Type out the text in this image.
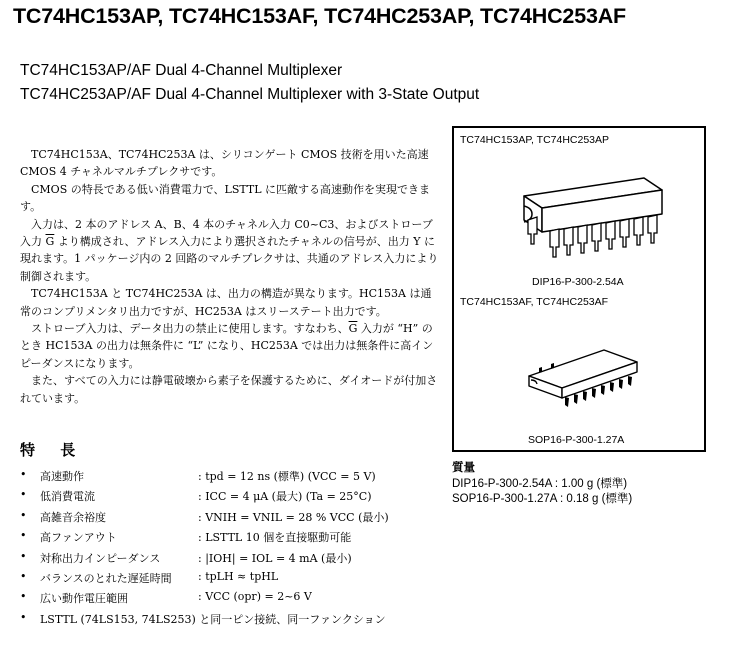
TC74HC153AP, TC74HC153AF, TC74HC253AP, TC74HC253AF
TC74HC153AP/AF Dual 4-Channel Multiplexer
TC74HC253AP/AF Dual 4-Channel Multiplexer with 3-State Output

TC74HC153A、TC74HC253A は、シリコンゲート CMOS 技術を用いた高速 CMOS 4 チャネルマルチプレクサです。

CMOS の特長である低い消費電力で、LSTTL に匹敵する高速動作を実現できます。

入力は、2 本のアドレス A、B、4 本のチャネル入力 C0~C3、およびストローブ入力 $\overline{G}$ より構成され、アドレス入力により選択されたチャネルの信号が、出力 Y に現れます。1 パッケージ内の 2 回路のマルチプレクサは、共通のアドレス入力により制御されます。

TC74HC153A と TC74HC253A は、出力の構造が異なります。HC153A は通常のコンプリメンタリ出力ですが、HC253A はスリーステート出力です。

ストローブ入力は、データ出力の禁止に使用します。すなわち、$\overline{G}$ 入力が “H” のとき HC153A の出力は無条件に “L” になり、HC253A では出力は無条件に高インピーダンスになります。

また、すべての入力には静電破壊から素子を保護するために、ダイオードが付加されています。

特 長
• 高速動作	: tpd = 12 ns (標準) (VCC = 5 V)
• 低消費電流	: ICC = 4 μA (最大) (Ta = 25°C)
• 高雑音余裕度	: VNIH = VNIL = 28 % VCC (最小)
• 高ファンアウト	: LSTTL 10 個を直接駆動可能
• 対称出力インピーダンス	: |IOH| = IOL = 4 mA (最小)
• バランスのとれた遅延時間 : tpLH ≈ tpHL
• 広い動作電圧範囲	: VCC (opr) = 2~6 V
• LSTTL (74LS153, 74LS253) と同一ピン接続、同一ファンクション
TC74HC153AP, TC74HC253AP
DIP16-P-300-2.54A
TC74HC153AF, TC74HC253AF
SOP16-P-300-1.27A
質量
DIP16-P-300-2.54A : 1.00 g (標準)
SOP16-P-300-1.27A : 0.18 g (標準)
